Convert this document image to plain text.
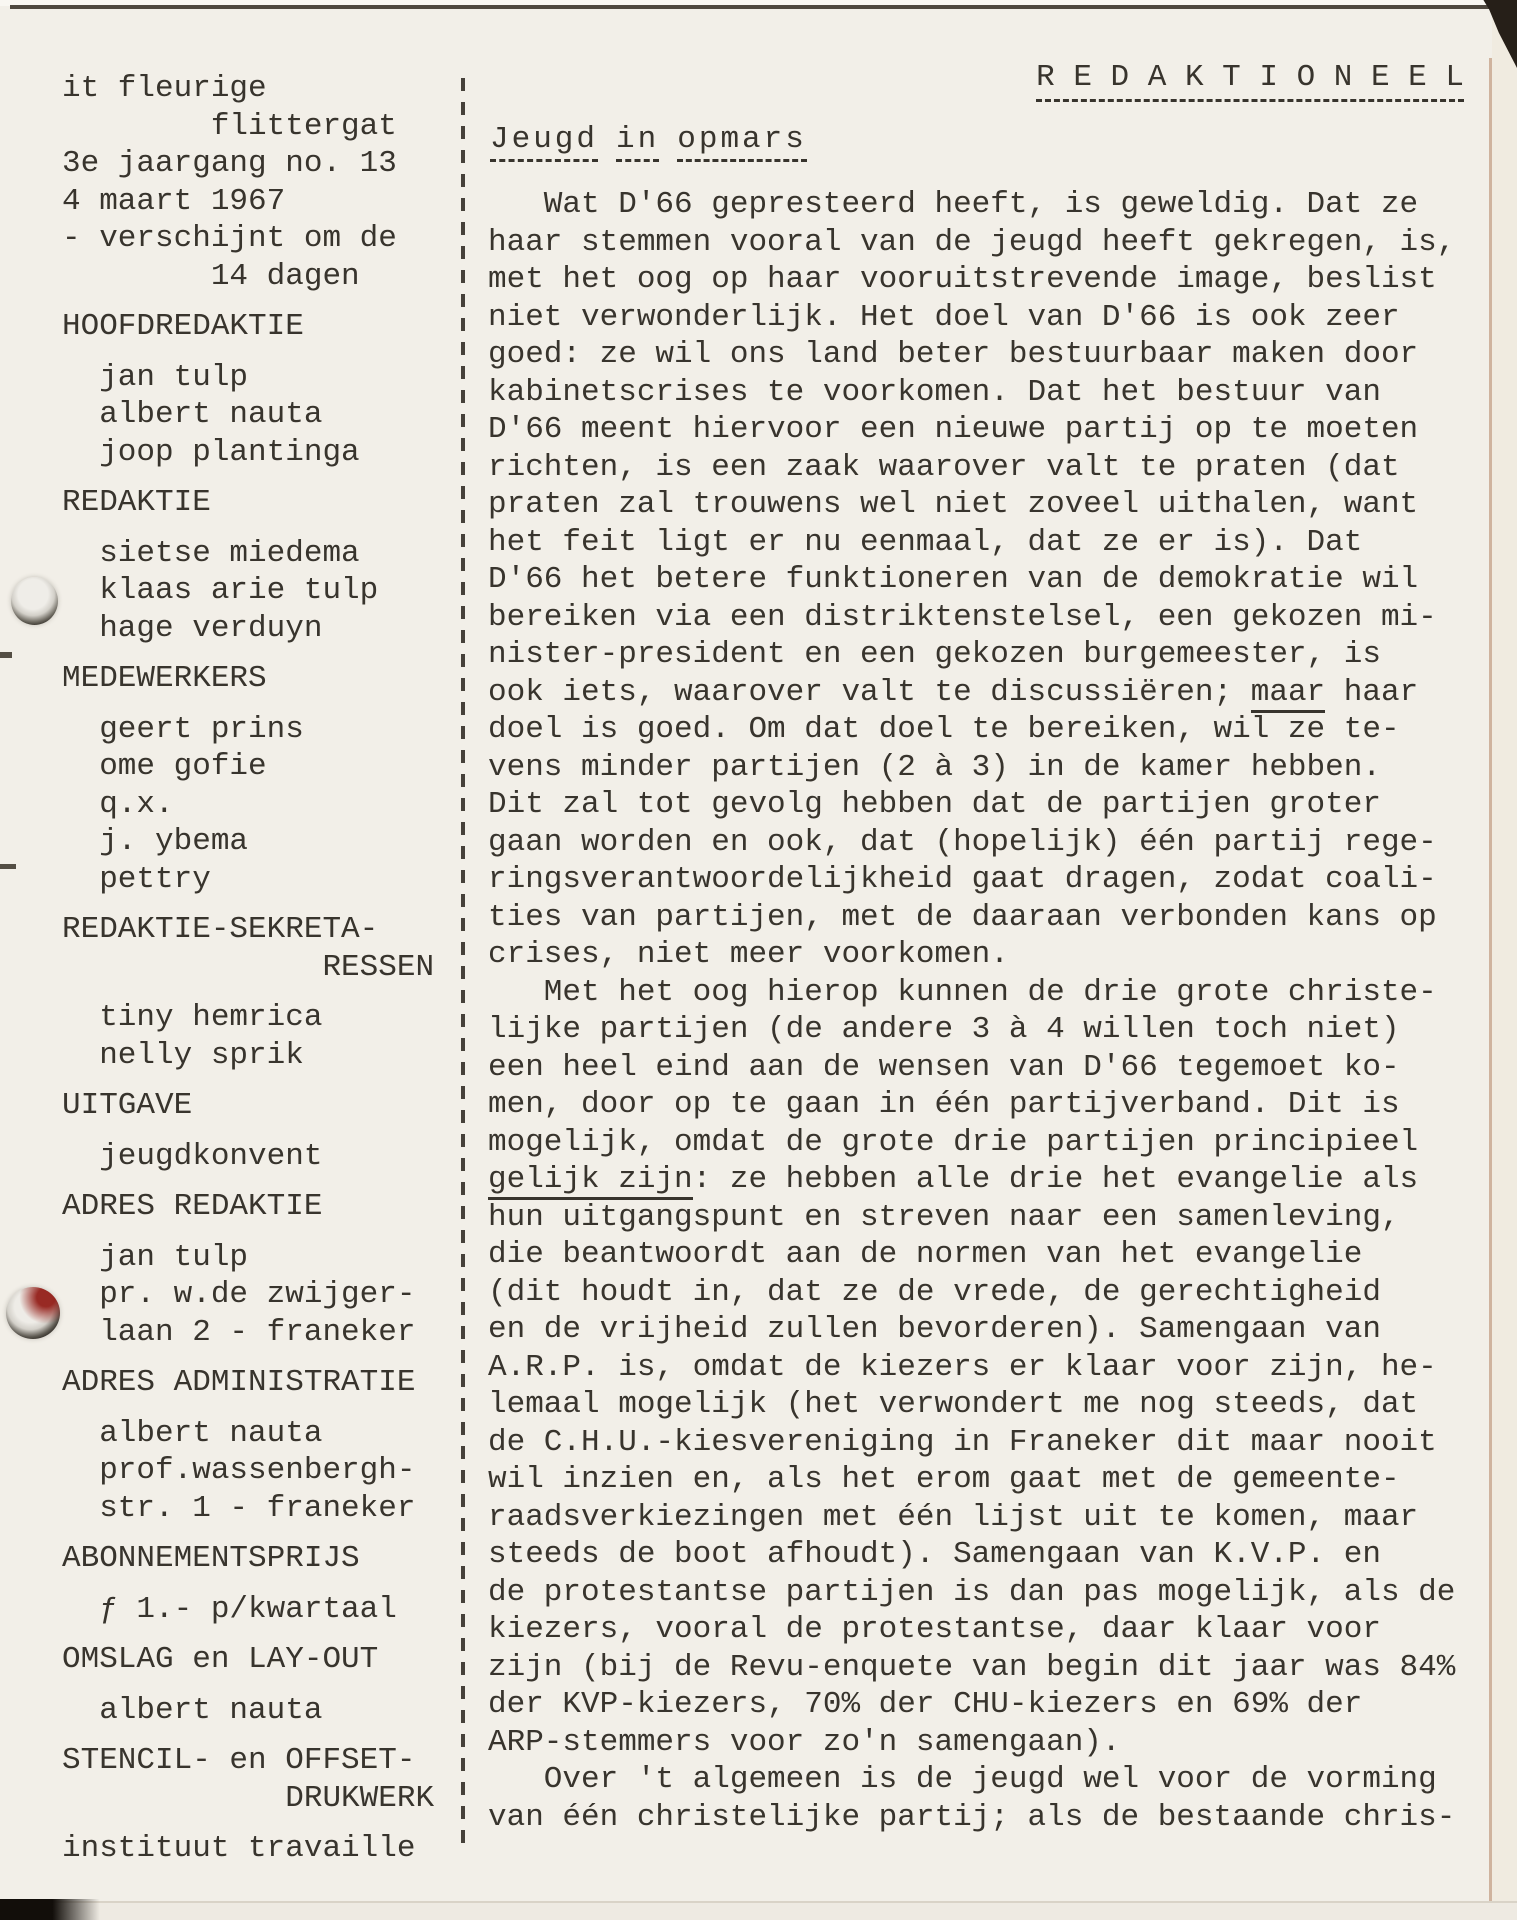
it fleurige
flittergat
3e jaargang no. 13
4 maart 1967
- verschijnt om de
14 dagen
HOOFDREDAKTIE
jan tulp
albert nauta
joop plantinga
REDAKTIE
sietse miedema
klaas arie tulp
hage verduyn
MEDEWERKERS
geert prins
ome gofie
q.x.
j. ybema
pettry
REDAKTIE-SEKRETA-
RESSEN
tiny hemrica
nelly sprik
UITGAVE
jeugdkonvent
ADRES REDAKTIE
jan tulp
pr. w.de zwijger-
laan 2 - franeker
ADRES ADMINISTRATIE
albert nauta
prof.wassenbergh-
str. 1 - franeker
ABONNEMENTSPRIJS
ƒ 1.- p/kwartaal
OMSLAG en LAY-OUT
albert nauta
STENCIL- en OFFSET-
DRUKWERK
instituut travaille
R E D A K T I O N E E L
Jeugd in opmars
Wat D'66 gepresteerd heeft, is geweldig. Dat ze
haar stemmen vooral van de jeugd heeft gekregen, is,
met het oog op haar vooruitstrevende image, beslist
niet verwonderlijk. Het doel van D'66 is ook zeer
goed: ze wil ons land beter bestuurbaar maken door
kabinetscrises te voorkomen. Dat het bestuur van
D'66 meent hiervoor een nieuwe partij op te moeten
richten, is een zaak waarover valt te praten (dat
praten zal trouwens wel niet zoveel uithalen, want
het feit ligt er nu eenmaal, dat ze er is). Dat
D'66 het betere funktioneren van de demokratie wil
bereiken via een distriktenstelsel, een gekozen mi-
nister-president en een gekozen burgemeester, is
ook iets, waarover valt te discussiëren; maar haar
doel is goed. Om dat doel te bereiken, wil ze te-
vens minder partijen (2 à 3) in de kamer hebben.
Dit zal tot gevolg hebben dat de partijen groter
gaan worden en ook, dat (hopelijk) één partij rege-
ringsverantwoordelijkheid gaat dragen, zodat coali-
ties van partijen, met de daaraan verbonden kans op
crises, niet meer voorkomen.
Met het oog hierop kunnen de drie grote christe-
lijke partijen (de andere 3 à 4 willen toch niet)
een heel eind aan de wensen van D'66 tegemoet ko-
men, door op te gaan in één partijverband. Dit is
mogelijk, omdat de grote drie partijen principieel
gelijk zijn: ze hebben alle drie het evangelie als
hun uitgangspunt en streven naar een samenleving,
die beantwoordt aan de normen van het evangelie
(dit houdt in, dat ze de vrede, de gerechtigheid
en de vrijheid zullen bevorderen). Samengaan van
A.R.P. is, omdat de kiezers er klaar voor zijn, he-
lemaal mogelijk (het verwondert me nog steeds, dat
de C.H.U.-kiesvereniging in Franeker dit maar nooit
wil inzien en, als het erom gaat met de gemeente-
raadsverkiezingen met één lijst uit te komen, maar
steeds de boot afhoudt). Samengaan van K.V.P. en
de protestantse partijen is dan pas mogelijk, als de
kiezers, vooral de protestantse, daar klaar voor
zijn (bij de Revu-enquete van begin dit jaar was 84%
der KVP-kiezers, 70% der CHU-kiezers en 69% der
ARP-stemmers voor zo'n samengaan).
Over 't algemeen is de jeugd wel voor de vorming
van één christelijke partij; als de bestaande chris-
